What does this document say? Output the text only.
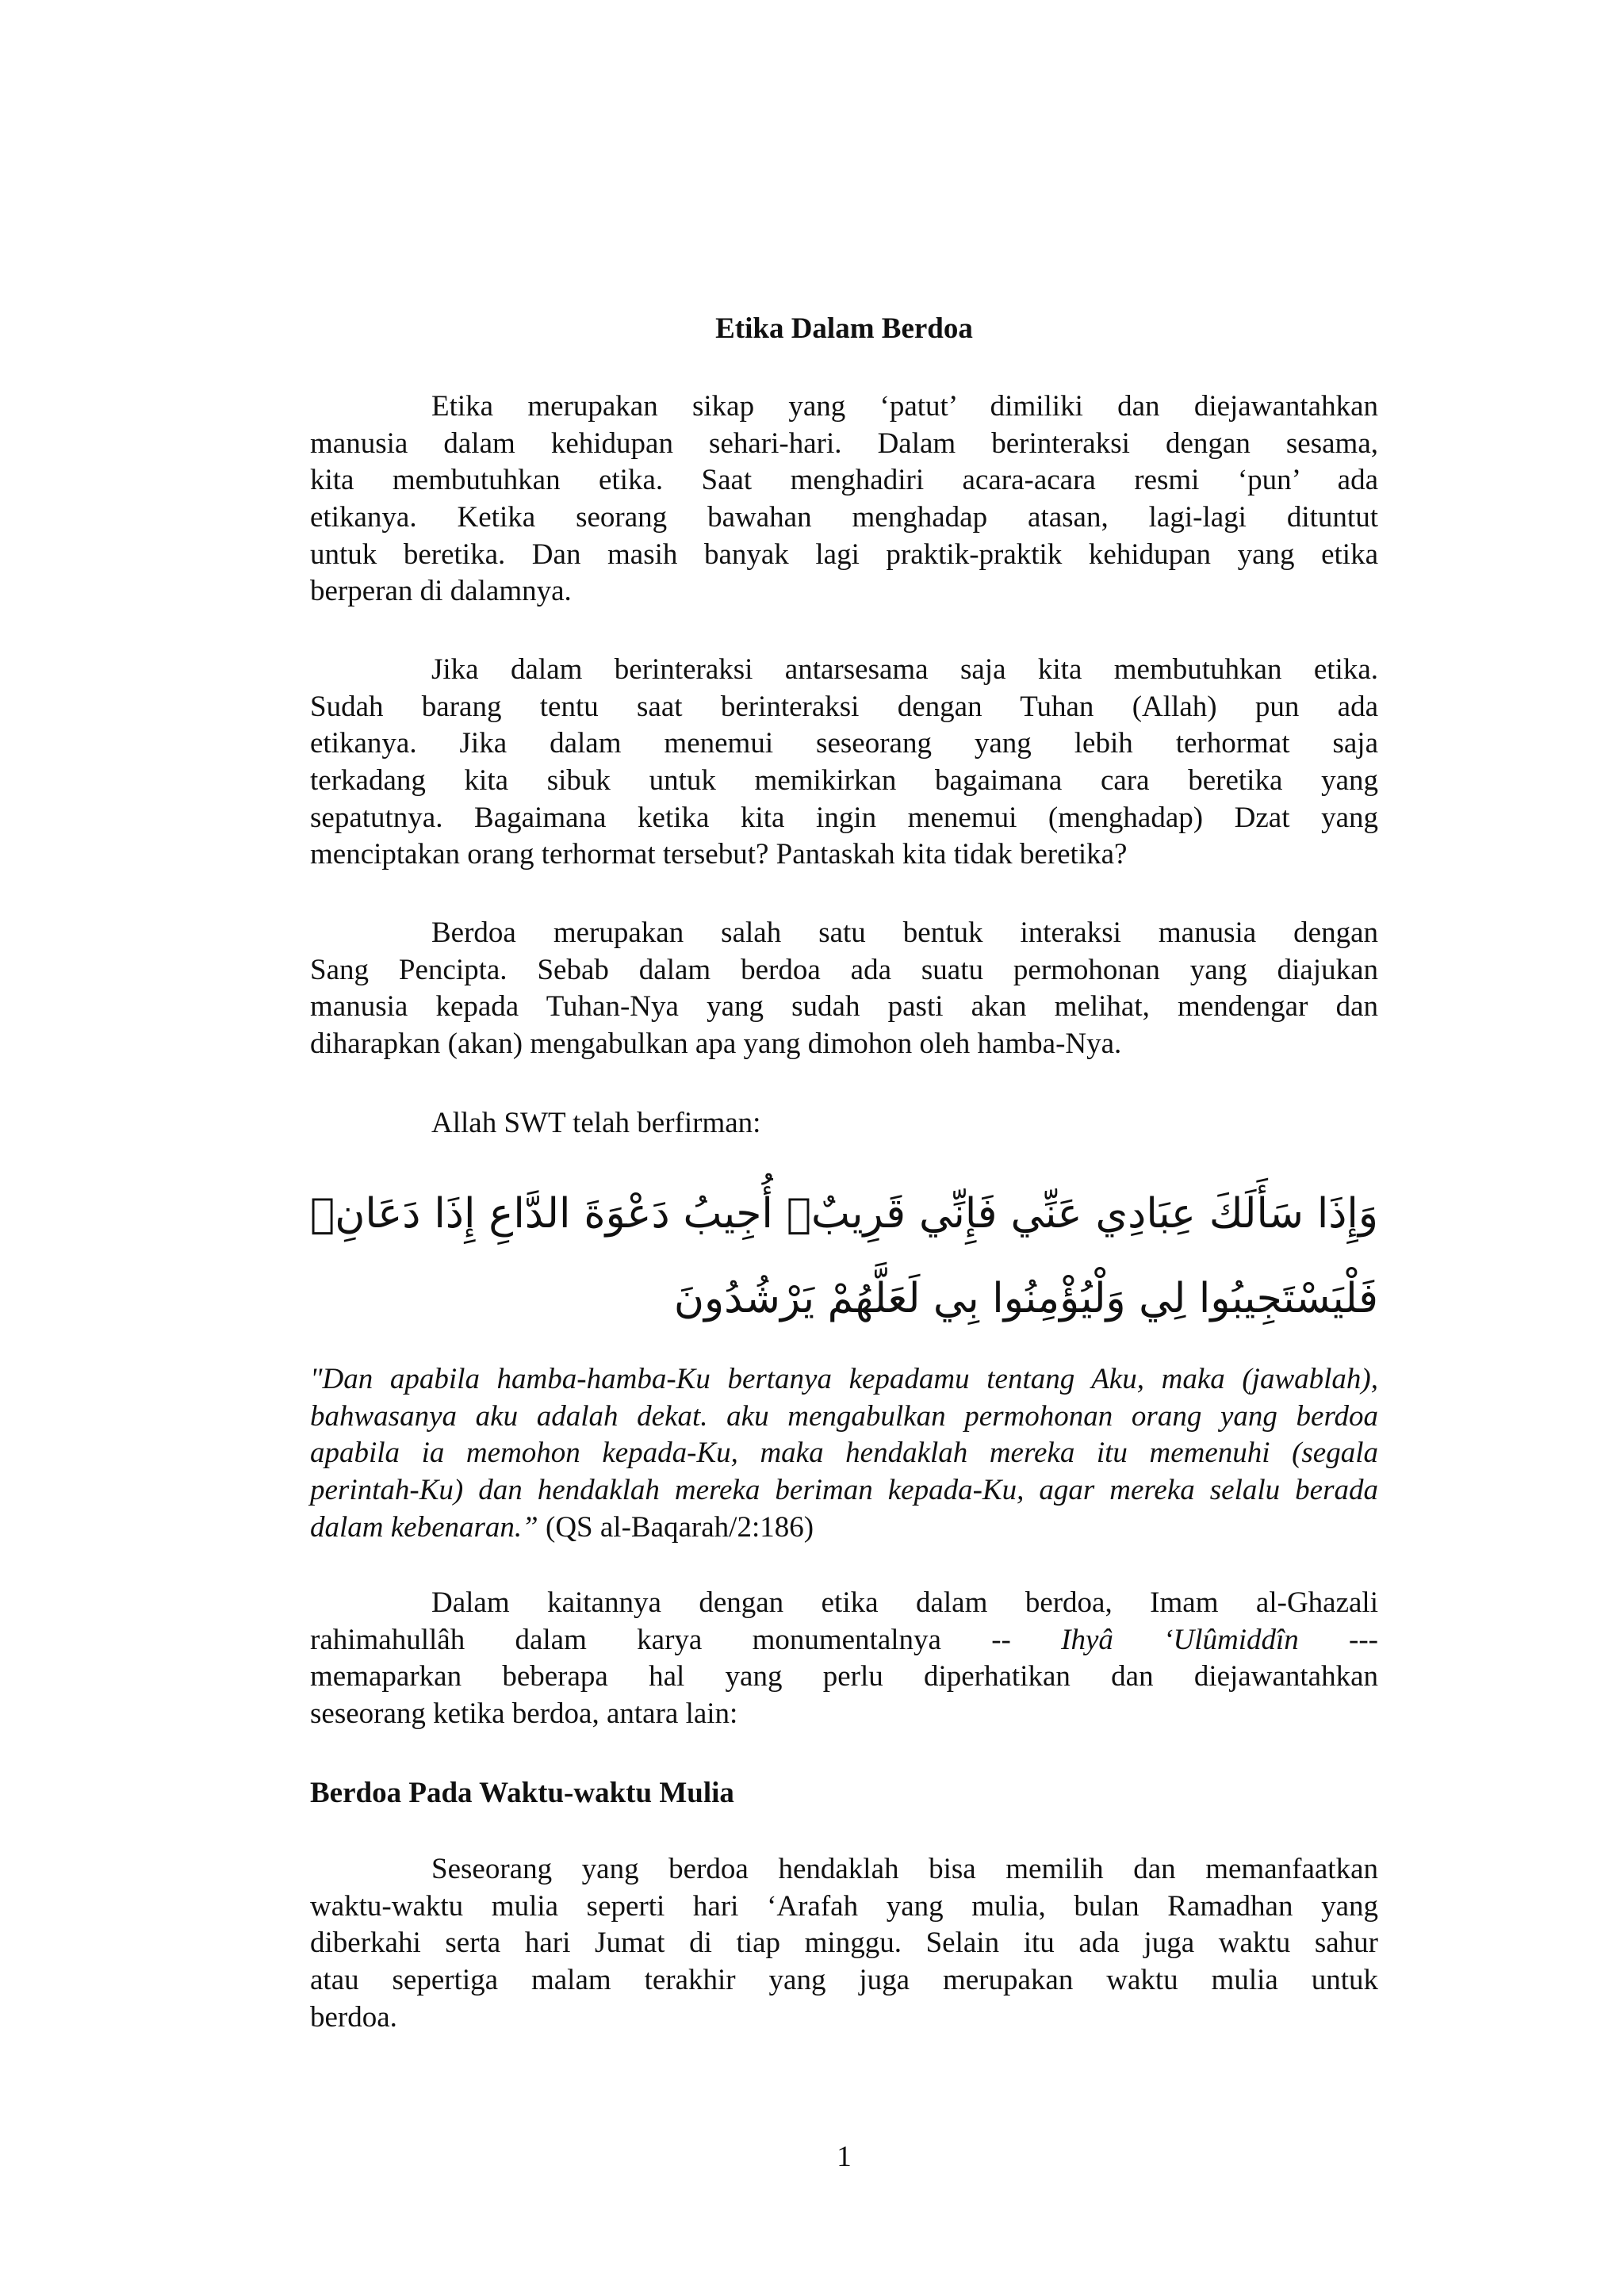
Etika Dalam Berdoa
Etika merupakan sikap yang ‘patut’ dimiliki dan diejawantahkan
manusia dalam kehidupan sehari-hari. Dalam berinteraksi dengan sesama,
kita membutuhkan etika. Saat menghadiri acara-acara resmi ‘pun’ ada
etikanya. Ketika seorang bawahan menghadap atasan, lagi-lagi dituntut
untuk beretika. Dan masih banyak lagi praktik-praktik kehidupan yang etika
berperan di dalamnya.
Jika dalam berinteraksi antarsesama saja kita membutuhkan etika.
Sudah barang tentu saat berinteraksi dengan Tuhan (Allah) pun ada
etikanya. Jika dalam menemui seseorang yang lebih terhormat saja
terkadang kita sibuk untuk memikirkan bagaimana cara beretika yang
sepatutnya. Bagaimana ketika kita ingin menemui (menghadap) Dzat yang
menciptakan orang terhormat tersebut? Pantaskah kita tidak beretika?
Berdoa merupakan salah satu bentuk interaksi manusia dengan
Sang Pencipta. Sebab dalam berdoa ada suatu permohonan yang diajukan
manusia kepada Tuhan-Nya yang sudah pasti akan melihat, mendengar dan
diharapkan (akan) mengabulkan apa yang dimohon oleh hamba-Nya.
Allah SWT telah berfirman:
وَإِذَا سَأَلَكَ عِبَادِي عَنِّي فَإِنِّي قَرِيبٌۖ أُجِيبُ دَعْوَةَ الدَّاعِ إِذَا دَعَانِۖ
فَلْيَسْتَجِيبُوا لِي وَلْيُؤْمِنُوا بِي لَعَلَّهُمْ يَرْشُدُونَ
"Dan apabila hamba-hamba-Ku bertanya kepadamu tentang Aku, maka (jawablah),
bahwasanya aku adalah dekat. aku mengabulkan permohonan orang yang berdoa
apabila ia memohon kepada-Ku, maka hendaklah mereka itu memenuhi (segala
perintah-Ku) dan hendaklah mereka beriman kepada-Ku, agar mereka selalu berada
dalam kebenaran.” (QS al-Baqarah/2:186)
Dalam kaitannya dengan etika dalam berdoa, Imam al-Ghazali
rahimahullâh dalam karya monumentalnya -- Ihyâ ‘Ulûmiddîn ---
memaparkan beberapa hal yang perlu diperhatikan dan diejawantahkan
seseorang ketika berdoa, antara lain:
Berdoa Pada Waktu-waktu Mulia
Seseorang yang berdoa hendaklah bisa memilih dan memanfaatkan
waktu-waktu mulia seperti hari ‘Arafah yang mulia, bulan Ramadhan yang
diberkahi serta hari Jumat di tiap minggu. Selain itu ada juga waktu sahur
atau sepertiga malam terakhir yang juga merupakan waktu mulia untuk
berdoa.
1
